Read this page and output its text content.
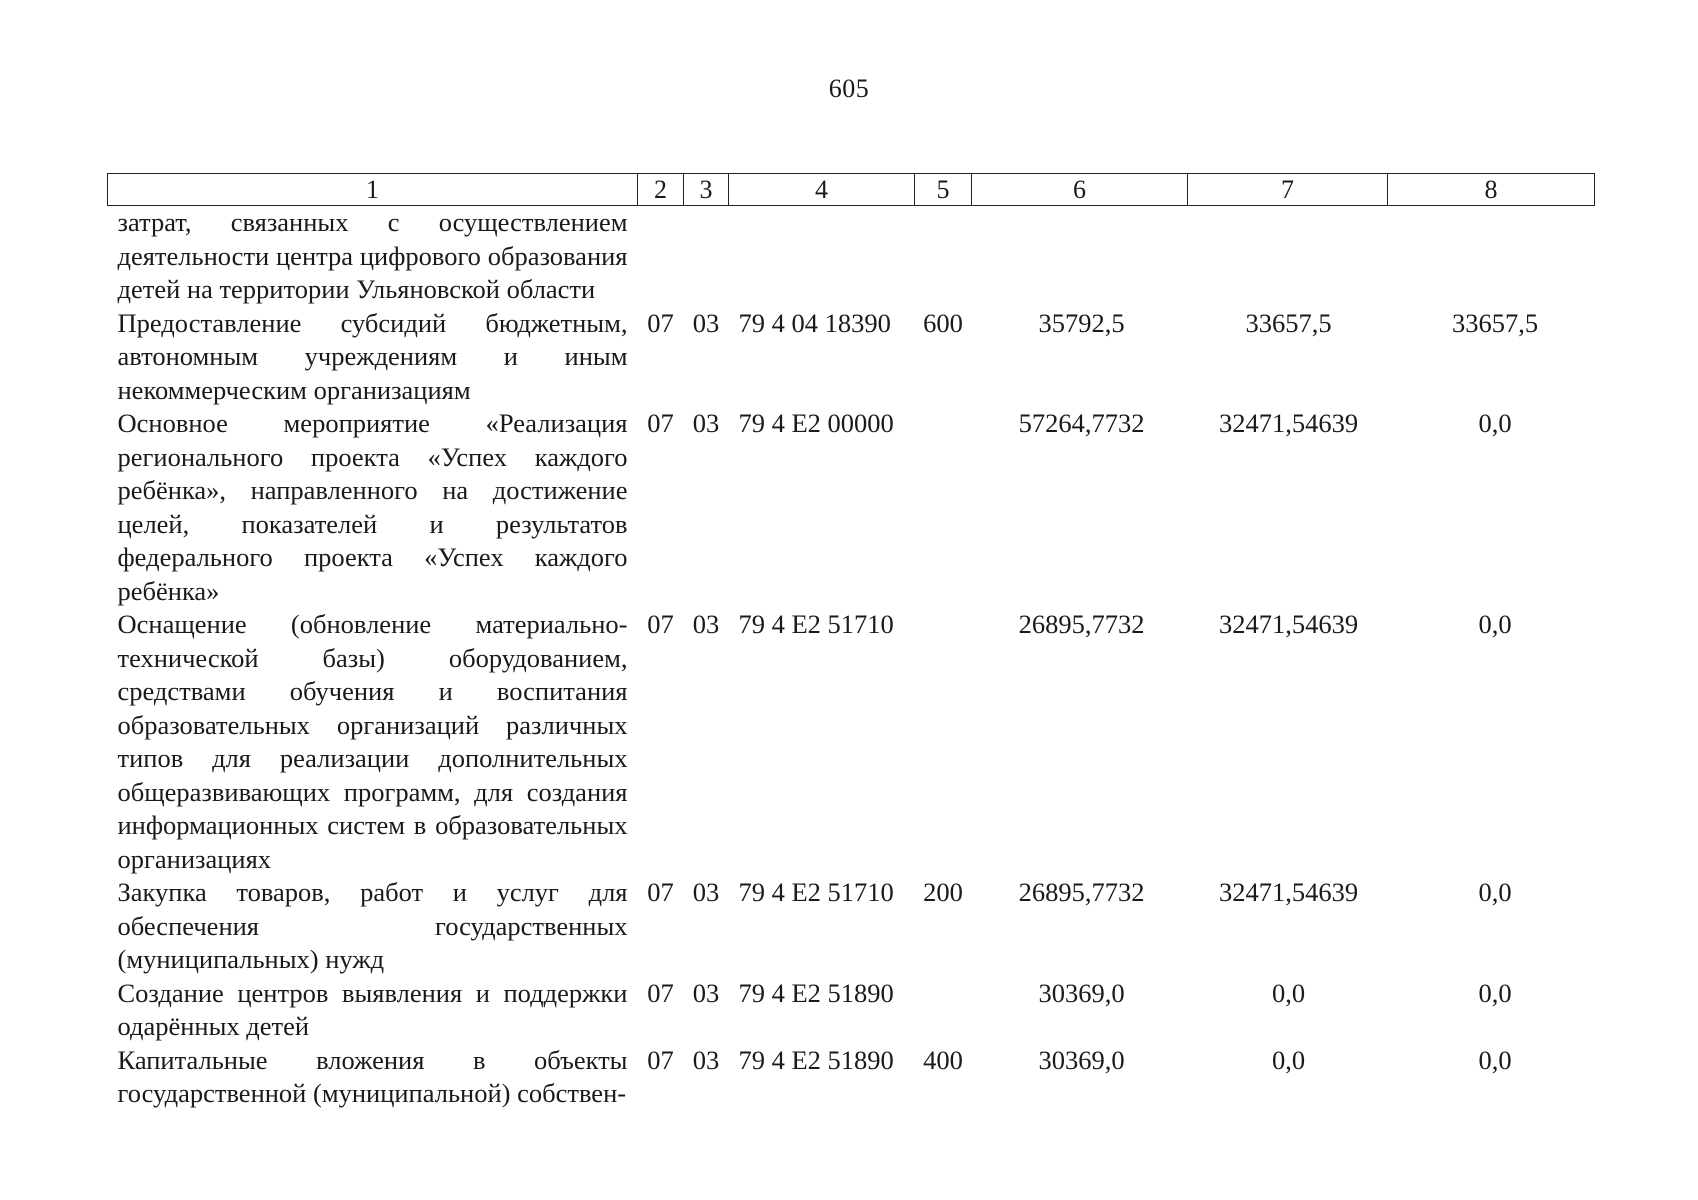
605
1	2	3	4	5	6	7	8
затрат, связанных с осуществлением деятельности центра цифрового образования детей на территории Ульяновской области							
Предоставление субсидий бюджетным, автономным учреждениям и иным некоммерческим организациям	07	03	79 4 04 18390	600	35792,5	33657,5	33657,5
Основное мероприятие «Реализация регионального проекта «Успех каждого ребёнка», направленного на достижение целей, показателей и результатов федерального проекта «Успех каждого ребёнка»	07	03	79 4 E2 00000		57264,7732	32471,54639	0,0
Оснащение (обновление материально-технической базы) оборудованием, средствами обучения и воспитания образовательных организаций различных типов для реализации дополнительных общеразвивающих программ, для создания информационных систем в образовательных организациях	07	03	79 4 E2 51710		26895,7732	32471,54639	0,0
Закупка товаров, работ и услуг для обеспечения государственных (муниципальных) нужд	07	03	79 4 E2 51710	200	26895,7732	32471,54639	0,0
Создание центров выявления и поддержки одарённых детей	07	03	79 4 E2 51890		30369,0	0,0	0,0
Капитальные вложения в объекты государственной (муниципальной) собствен-	07	03	79 4 E2 51890	400	30369,0	0,0	0,0
